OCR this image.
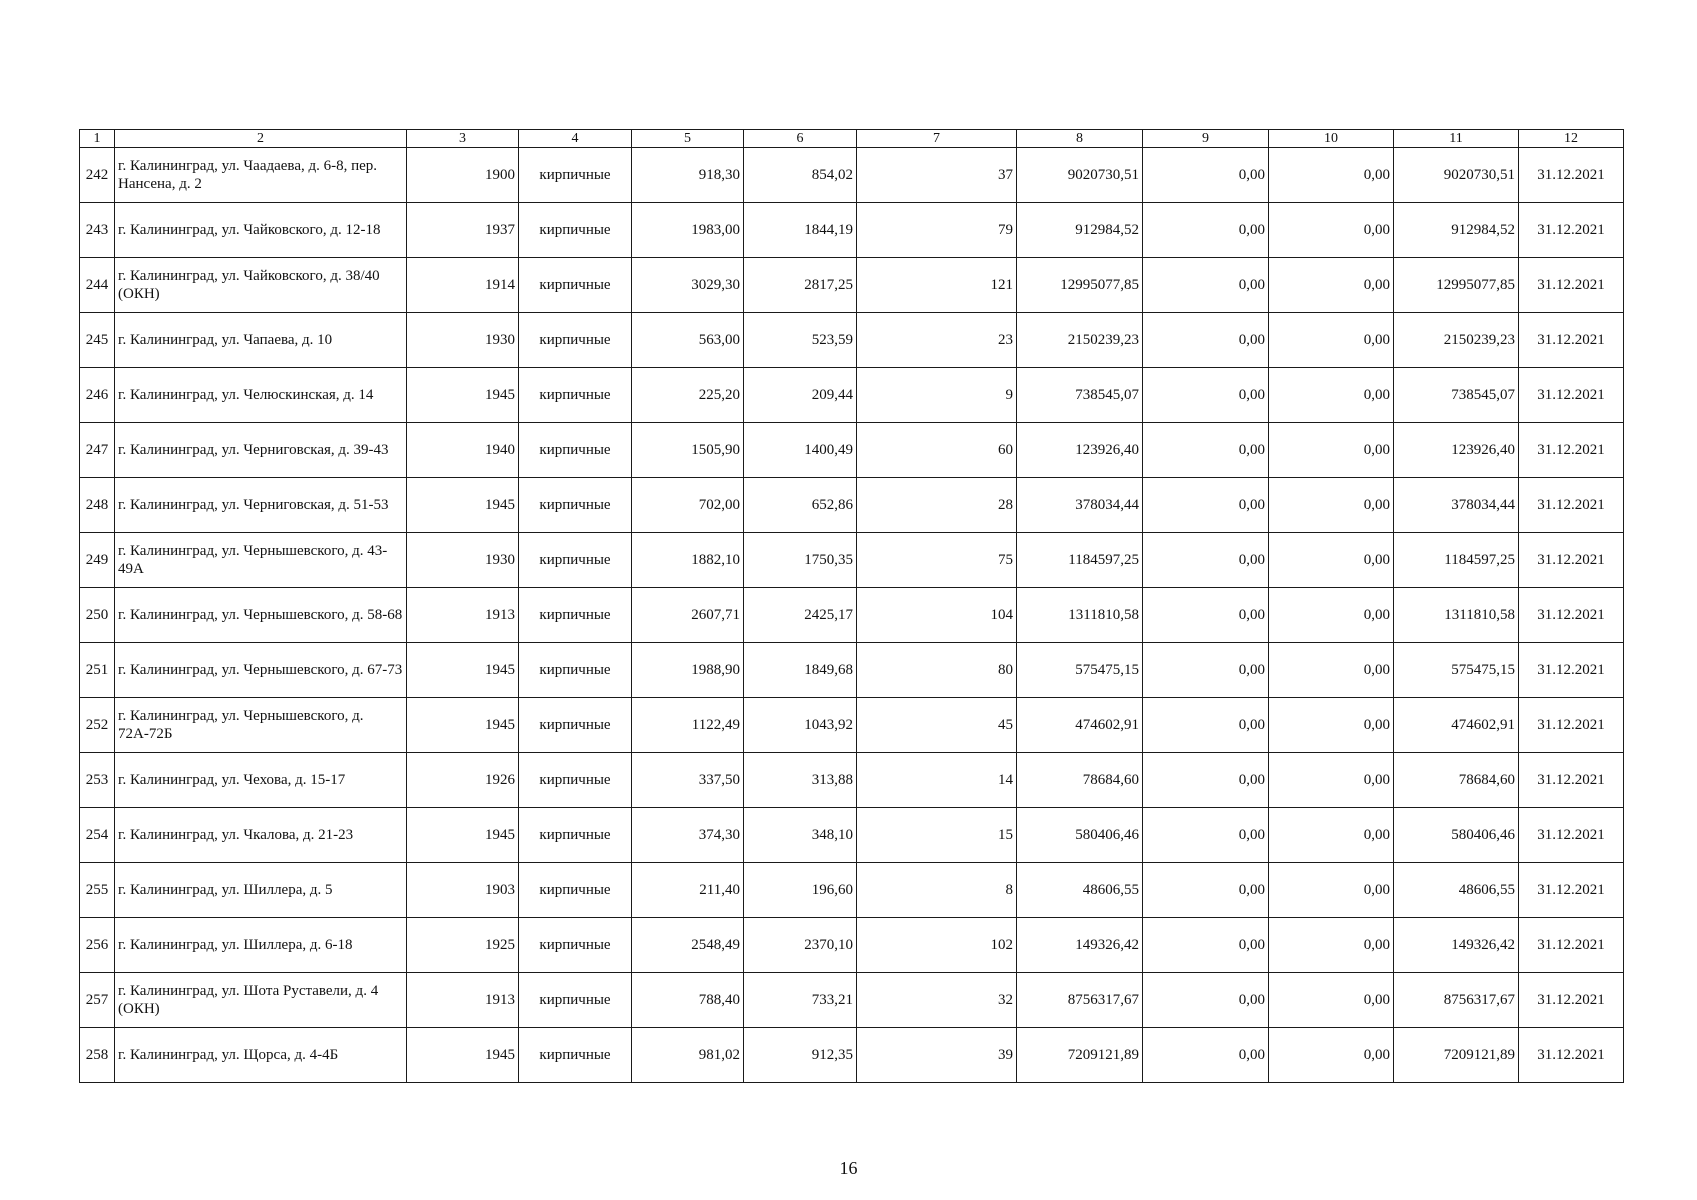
1	2	3	4	5	6	7	8	9	10	11	12
242	г. Калининград, ул. Чаадаева, д. 6-8, пер. Нансена, д. 2	1900	кирпичные	918,30	854,02	37	9020730,51	0,00	0,00	9020730,51	31.12.2021
243	г. Калининград, ул. Чайковского, д. 12-18	1937	кирпичные	1983,00	1844,19	79	912984,52	0,00	0,00	912984,52	31.12.2021
244	г. Калининград, ул. Чайковского, д. 38/40 (ОКН)	1914	кирпичные	3029,30	2817,25	121	12995077,85	0,00	0,00	12995077,85	31.12.2021
245	г. Калининград, ул. Чапаева, д. 10	1930	кирпичные	563,00	523,59	23	2150239,23	0,00	0,00	2150239,23	31.12.2021
246	г. Калининград, ул. Челюскинская, д. 14	1945	кирпичные	225,20	209,44	9	738545,07	0,00	0,00	738545,07	31.12.2021
247	г. Калининград, ул. Черниговская, д. 39-43	1940	кирпичные	1505,90	1400,49	60	123926,40	0,00	0,00	123926,40	31.12.2021
248	г. Калининград, ул. Черниговская, д. 51-53	1945	кирпичные	702,00	652,86	28	378034,44	0,00	0,00	378034,44	31.12.2021
249	г. Калининград, ул. Чернышевского, д. 43-49А	1930	кирпичные	1882,10	1750,35	75	1184597,25	0,00	0,00	1184597,25	31.12.2021
250	г. Калининград, ул. Чернышевского, д. 58-68	1913	кирпичные	2607,71	2425,17	104	1311810,58	0,00	0,00	1311810,58	31.12.2021
251	г. Калининград, ул. Чернышевского, д. 67-73	1945	кирпичные	1988,90	1849,68	80	575475,15	0,00	0,00	575475,15	31.12.2021
252	г. Калининград, ул. Чернышевского, д. 72А-72Б	1945	кирпичные	1122,49	1043,92	45	474602,91	0,00	0,00	474602,91	31.12.2021
253	г. Калининград, ул. Чехова, д. 15-17	1926	кирпичные	337,50	313,88	14	78684,60	0,00	0,00	78684,60	31.12.2021
254	г. Калининград, ул. Чкалова, д. 21-23	1945	кирпичные	374,30	348,10	15	580406,46	0,00	0,00	580406,46	31.12.2021
255	г. Калининград, ул. Шиллера, д. 5	1903	кирпичные	211,40	196,60	8	48606,55	0,00	0,00	48606,55	31.12.2021
256	г. Калининград, ул. Шиллера, д. 6-18	1925	кирпичные	2548,49	2370,10	102	149326,42	0,00	0,00	149326,42	31.12.2021
257	г. Калининград, ул. Шота Руставели, д. 4 (ОКН)	1913	кирпичные	788,40	733,21	32	8756317,67	0,00	0,00	8756317,67	31.12.2021
258	г. Калининград, ул. Щорса, д. 4-4Б	1945	кирпичные	981,02	912,35	39	7209121,89	0,00	0,00	7209121,89	31.12.2021
16
